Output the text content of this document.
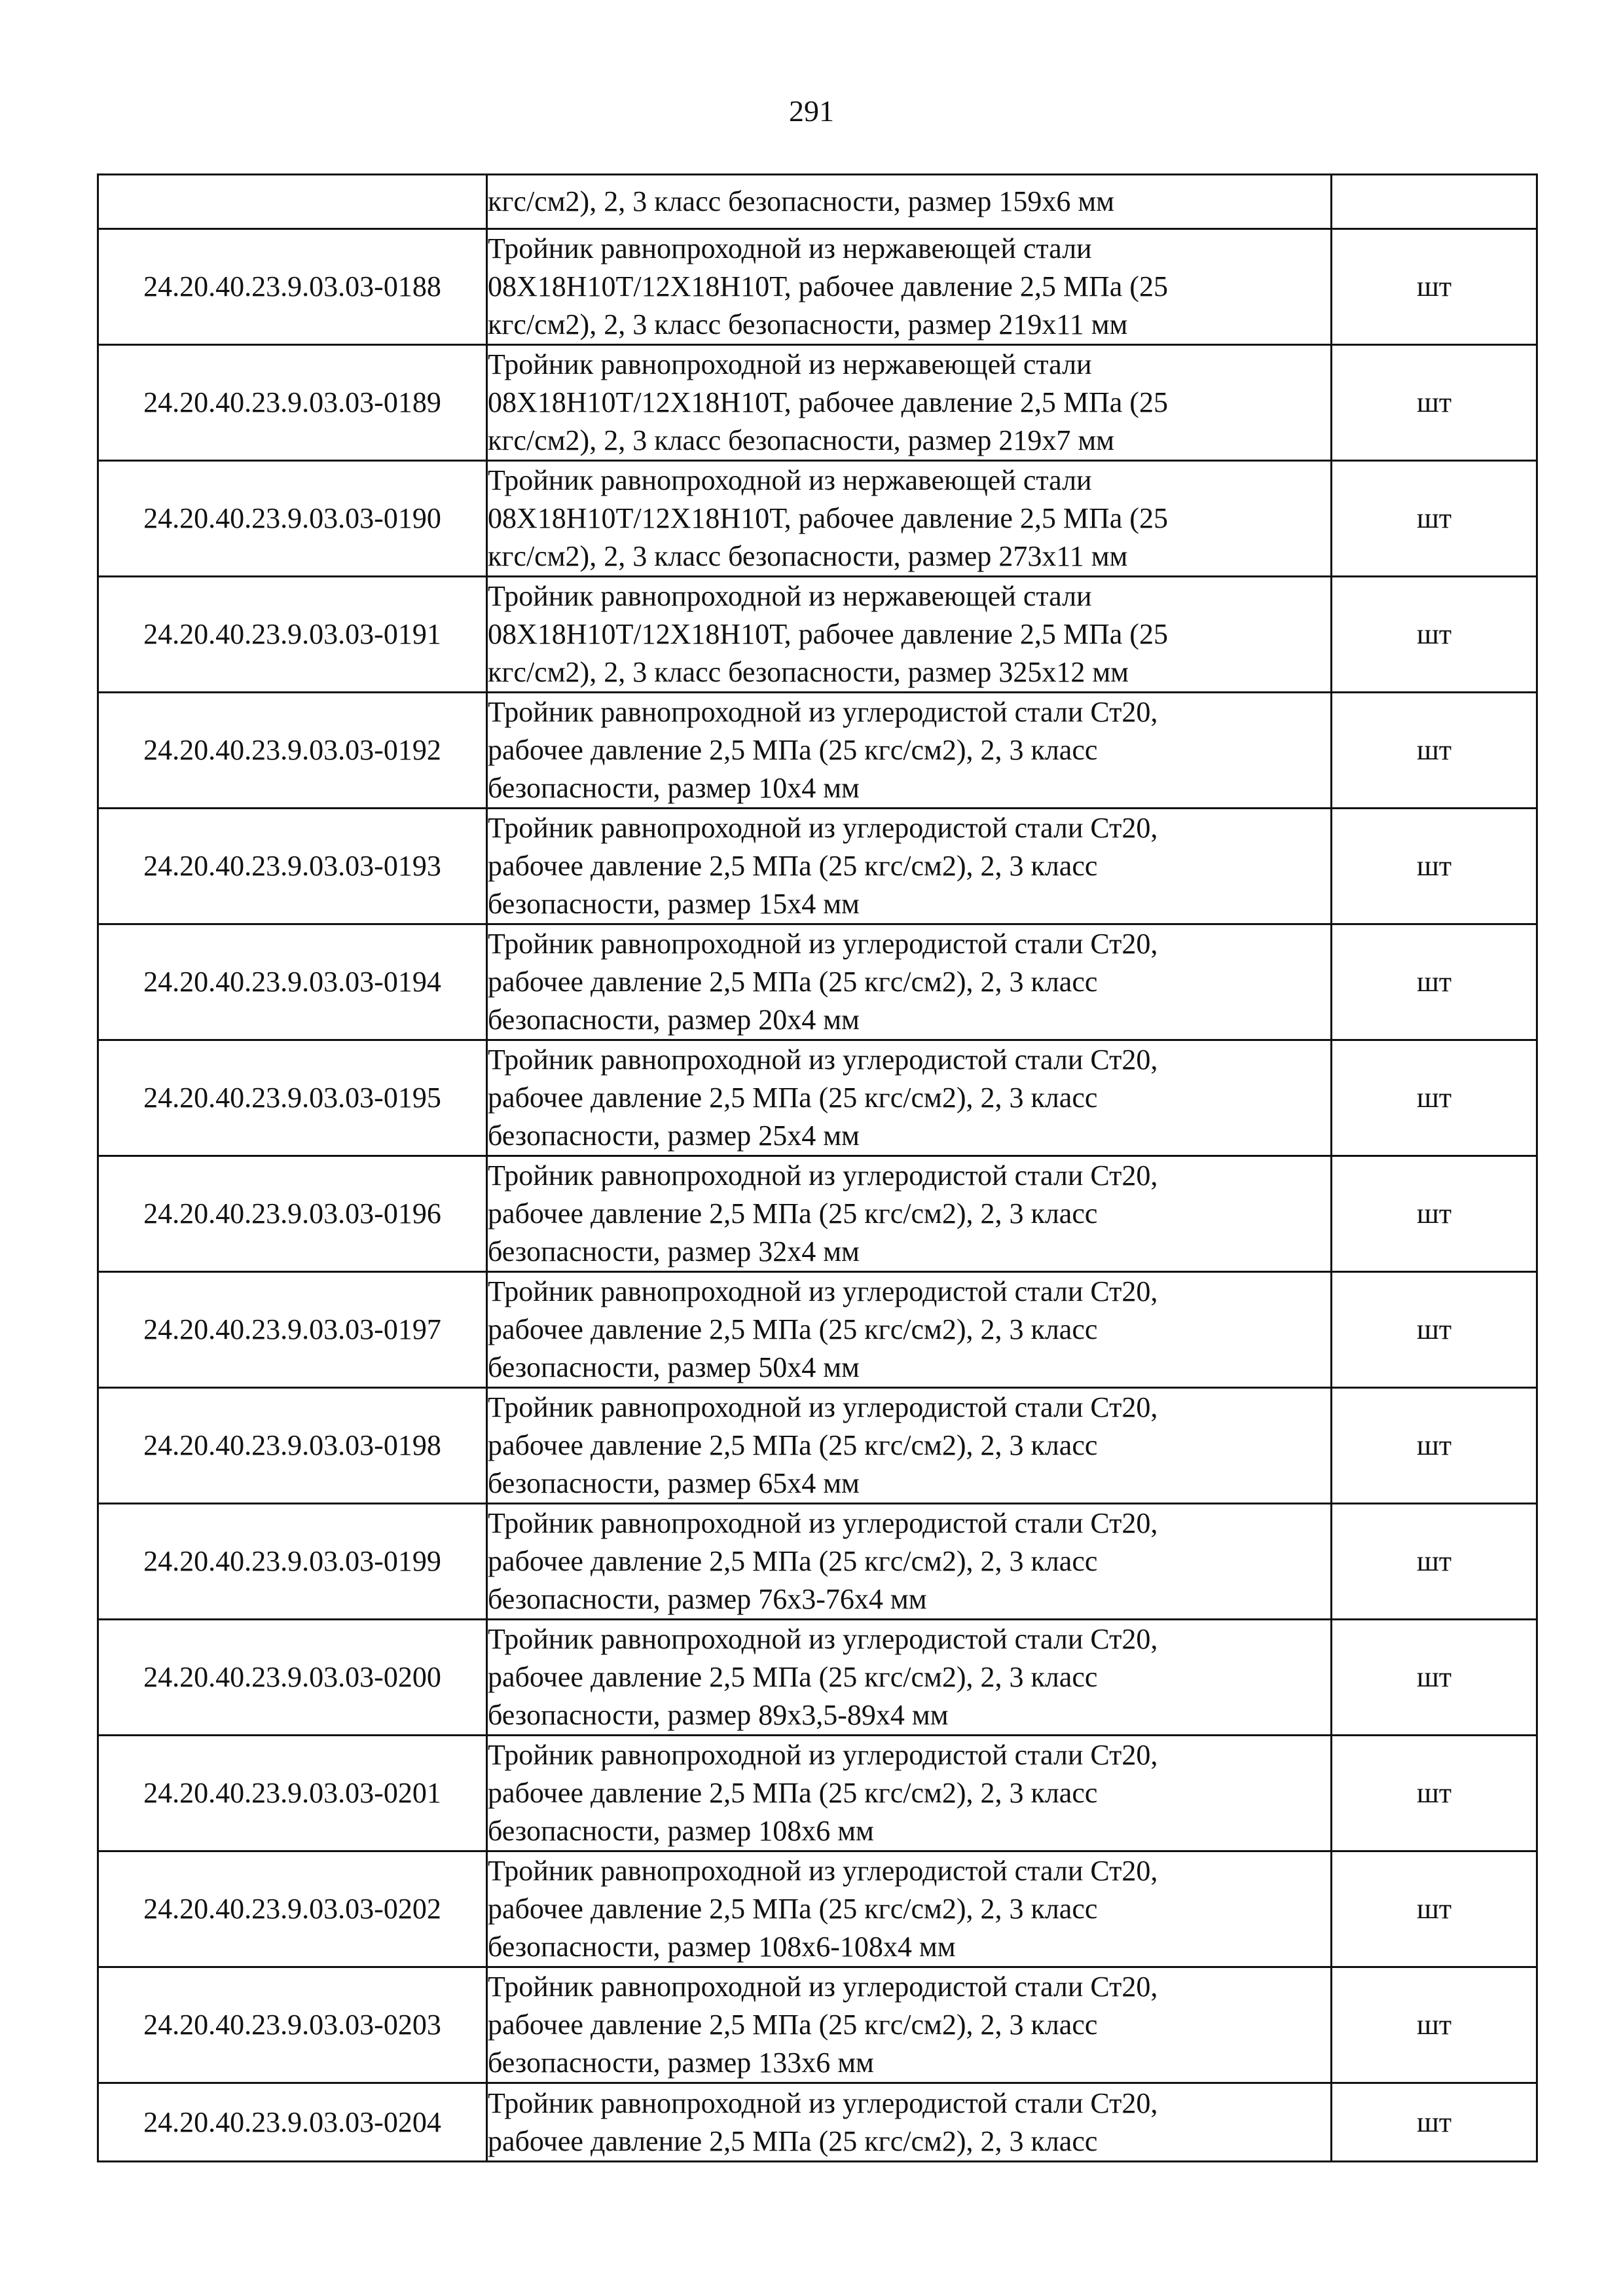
291

	кгс/см2), 2, 3 класс безопасности, размер 159х6 мм	

24.20.40.23.9.03.03-0188	Тройник равнопроходной из нержавеющей стали
08Х18Н10Т/12Х18Н10Т, рабочее давление 2,5 МПа (25
кгс/см2), 2, 3 класс безопасности, размер 219х11 мм	шт
24.20.40.23.9.03.03-0189	Тройник равнопроходной из нержавеющей стали
08Х18Н10Т/12Х18Н10Т, рабочее давление 2,5 МПа (25
кгс/см2), 2, 3 класс безопасности, размер 219х7 мм	шт
24.20.40.23.9.03.03-0190	Тройник равнопроходной из нержавеющей стали
08Х18Н10Т/12Х18Н10Т, рабочее давление 2,5 МПа (25
кгс/см2), 2, 3 класс безопасности, размер 273х11 мм	шт
24.20.40.23.9.03.03-0191	Тройник равнопроходной из нержавеющей стали
08Х18Н10Т/12Х18Н10Т, рабочее давление 2,5 МПа (25
кгс/см2), 2, 3 класс безопасности, размер 325х12 мм	шт
24.20.40.23.9.03.03-0192	Тройник равнопроходной из углеродистой стали Ст20,
рабочее давление 2,5 МПа (25 кгс/см2), 2, 3 класс
безопасности, размер 10х4 мм	шт
24.20.40.23.9.03.03-0193	Тройник равнопроходной из углеродистой стали Ст20,
рабочее давление 2,5 МПа (25 кгс/см2), 2, 3 класс
безопасности, размер 15х4 мм	шт
24.20.40.23.9.03.03-0194	Тройник равнопроходной из углеродистой стали Ст20,
рабочее давление 2,5 МПа (25 кгс/см2), 2, 3 класс
безопасности, размер 20х4 мм	шт
24.20.40.23.9.03.03-0195	Тройник равнопроходной из углеродистой стали Ст20,
рабочее давление 2,5 МПа (25 кгс/см2), 2, 3 класс
безопасности, размер 25х4 мм	шт
24.20.40.23.9.03.03-0196	Тройник равнопроходной из углеродистой стали Ст20,
рабочее давление 2,5 МПа (25 кгс/см2), 2, 3 класс
безопасности, размер 32х4 мм	шт
24.20.40.23.9.03.03-0197	Тройник равнопроходной из углеродистой стали Ст20,
рабочее давление 2,5 МПа (25 кгс/см2), 2, 3 класс
безопасности, размер 50х4 мм	шт
24.20.40.23.9.03.03-0198	Тройник равнопроходной из углеродистой стали Ст20,
рабочее давление 2,5 МПа (25 кгс/см2), 2, 3 класс
безопасности, размер 65х4 мм	шт
24.20.40.23.9.03.03-0199	Тройник равнопроходной из углеродистой стали Ст20,
рабочее давление 2,5 МПа (25 кгс/см2), 2, 3 класс
безопасности, размер 76х3-76х4 мм	шт
24.20.40.23.9.03.03-0200	Тройник равнопроходной из углеродистой стали Ст20,
рабочее давление 2,5 МПа (25 кгс/см2), 2, 3 класс
безопасности, размер 89х3,5-89х4 мм	шт
24.20.40.23.9.03.03-0201	Тройник равнопроходной из углеродистой стали Ст20,
рабочее давление 2,5 МПа (25 кгс/см2), 2, 3 класс
безопасности, размер 108х6 мм	шт
24.20.40.23.9.03.03-0202	Тройник равнопроходной из углеродистой стали Ст20,
рабочее давление 2,5 МПа (25 кгс/см2), 2, 3 класс
безопасности, размер 108х6-108х4 мм	шт
24.20.40.23.9.03.03-0203	Тройник равнопроходной из углеродистой стали Ст20,
рабочее давление 2,5 МПа (25 кгс/см2), 2, 3 класс
безопасности, размер 133х6 мм	шт
24.20.40.23.9.03.03-0204	Тройник равнопроходной из углеродистой стали Ст20,
рабочее давление 2,5 МПа (25 кгс/см2), 2, 3 класс	шт
